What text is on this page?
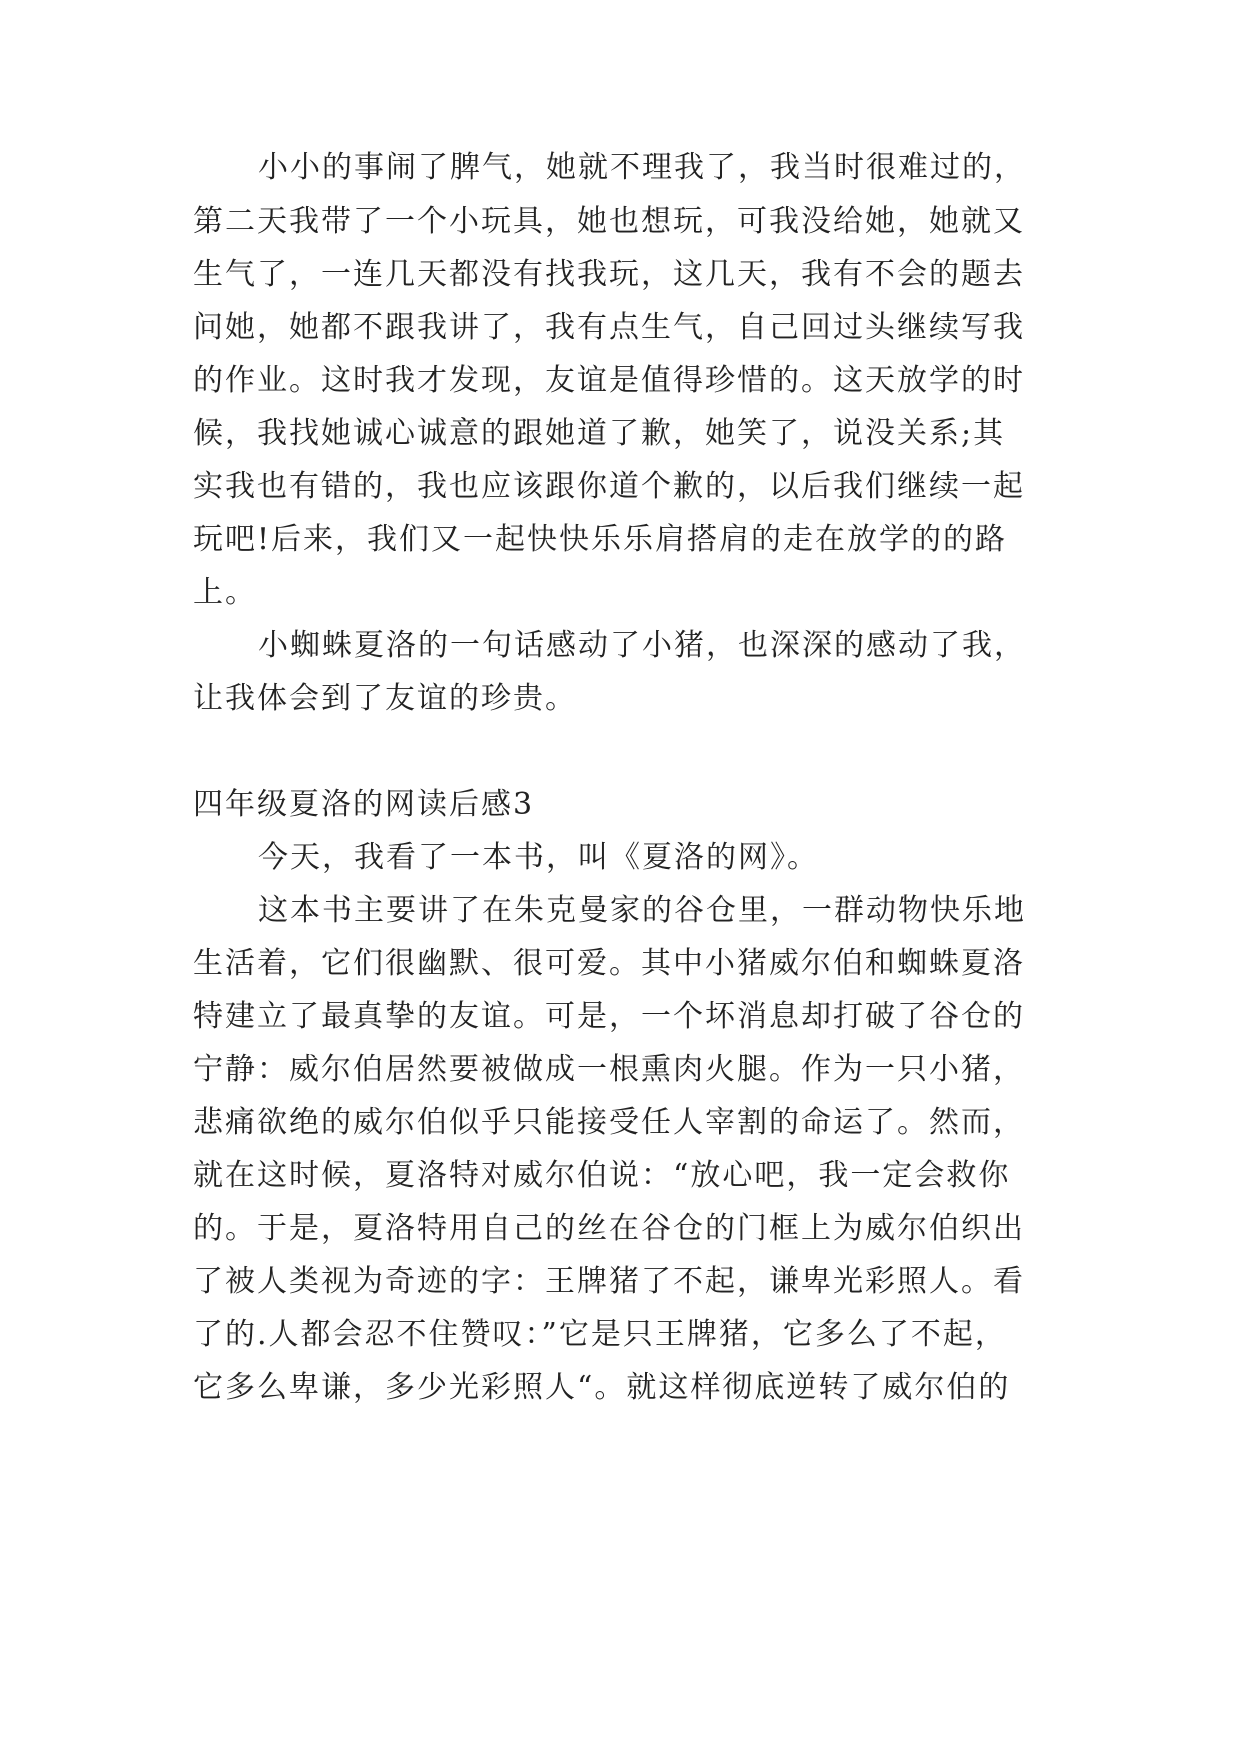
小小的事闹了脾气，她就不理我了，我当时很难过的，
第二天我带了一个小玩具，她也想玩，可我没给她，她就又
生气了，一连几天都没有找我玩，这几天，我有不会的题去
问她，她都不跟我讲了，我有点生气，自己回过头继续写我
的作业。这时我才发现，友谊是值得珍惜的。这天放学的时
候，我找她诚心诚意的跟她道了歉，她笑了，说没关系;其
实我也有错的，我也应该跟你道个歉的，以后我们继续一起
玩吧!后来，我们又一起快快乐乐肩搭肩的走在放学的的路
上。
小蜘蛛夏洛的一句话感动了小猪，也深深的感动了我，
让我体会到了友谊的珍贵。
四年级夏洛的网读后感3
今天，我看了一本书，叫《夏洛的网》。
这本书主要讲了在朱克曼家的谷仓里，一群动物快乐地
生活着，它们很幽默、很可爱。其中小猪威尔伯和蜘蛛夏洛
特建立了最真挚的友谊。可是，一个坏消息却打破了谷仓的
宁静：威尔伯居然要被做成一根熏肉火腿。作为一只小猪，
悲痛欲绝的威尔伯似乎只能接受任人宰割的命运了。然而，
就在这时候，夏洛特对威尔伯说：“放心吧，我一定会救你
的。于是，夏洛特用自己的丝在谷仓的门框上为威尔伯织出
了被人类视为奇迹的字：王牌猪了不起，谦卑光彩照人。看
了的.人都会忍不住赞叹：”它是只王牌猪，它多么了不起，
它多么卑谦，多少光彩照人“。就这样彻底逆转了威尔伯的
